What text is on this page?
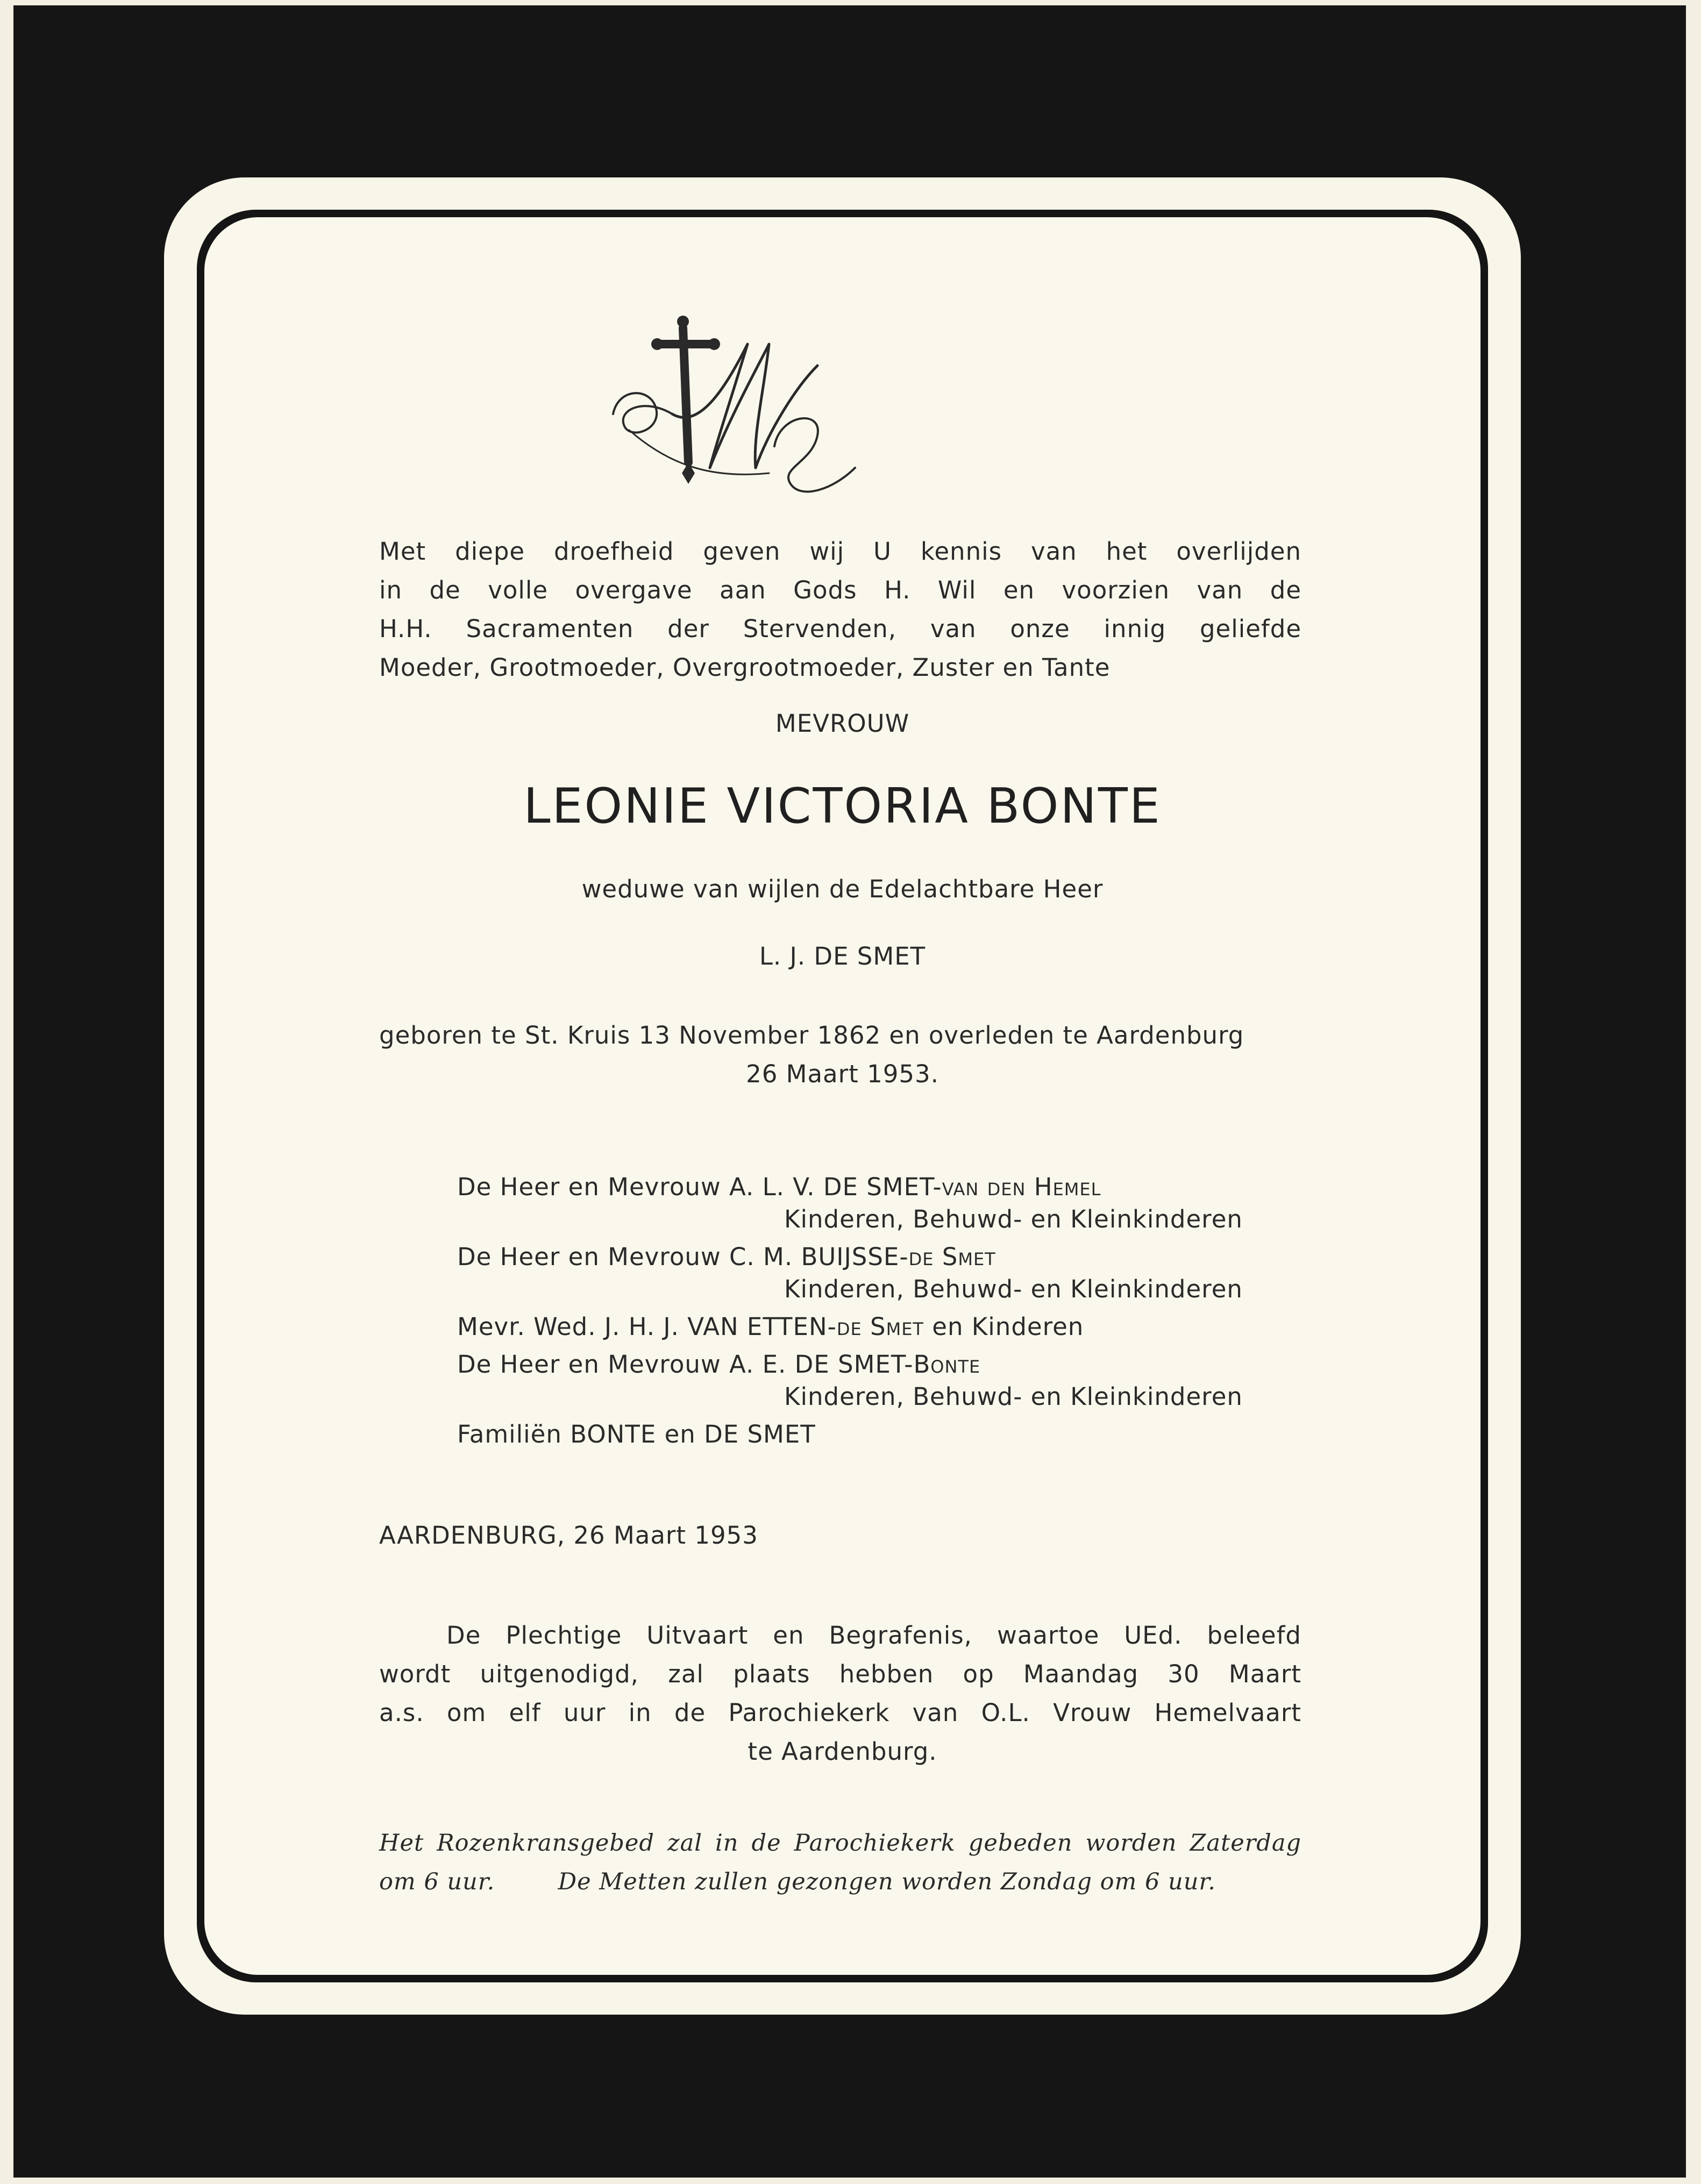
Met diepe droefheid geven wij U kennis van het overlijden
in de volle overgave aan Gods H. Wil en voorzien van de
H.H. Sacramenten der Stervenden, van onze innig geliefde
Moeder, Grootmoeder, Overgrootmoeder, Zuster en Tante
MEVROUW
LEONIE VICTORIA BONTE
weduwe van wijlen de Edelachtbare Heer
L. J. DE SMET
geboren te St. Kruis 13 November 1862 en overleden te Aardenburg
26 Maart 1953.
De Heer en Mevrouw A. L. V. DE SMET-van den Hemel
Kinderen, Behuwd- en Kleinkinderen
De Heer en Mevrouw C. M. BUIJSSE-de Smet
Kinderen, Behuwd- en Kleinkinderen
Mevr. Wed. J. H. J. VAN ETTEN-de Smet en Kinderen
De Heer en Mevrouw A. E. DE SMET-Bonte
Kinderen, Behuwd- en Kleinkinderen
Familiën BONTE en DE SMET
AARDENBURG, 26 Maart 1953
De Plechtige Uitvaart en Begrafenis, waartoe UEd. beleefd
wordt uitgenodigd, zal plaats hebben op Maandag 30 Maart
a.s. om elf uur in de Parochiekerk van O.L. Vrouw Hemelvaart
te Aardenburg.
Het Rozenkransgebed zal in de Parochiekerk gebeden worden Zaterdag
om 6 uur.        De Metten zullen gezongen worden Zondag om 6 uur.
